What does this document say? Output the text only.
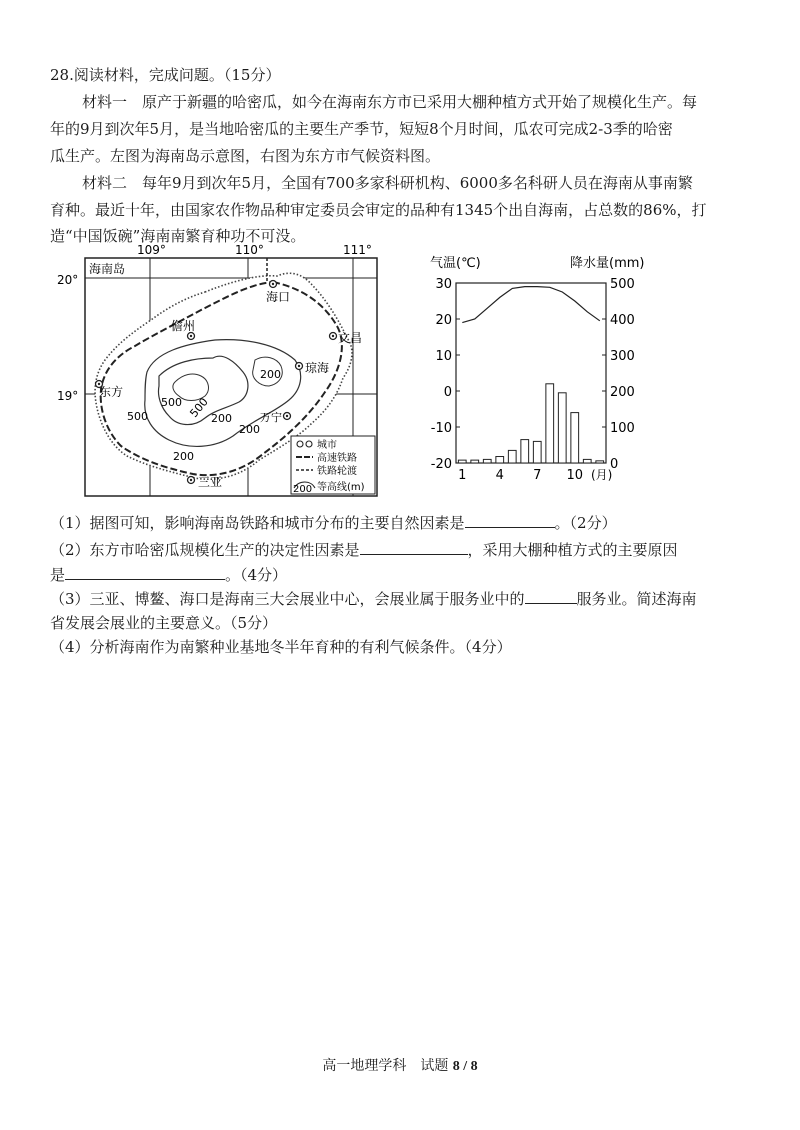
28.阅读材料，完成问题。（15分）
材料一　原产于新疆的哈密瓜，如今在海南东方市已采用大棚种植方式开始了规模化生产。每
年的9月到次年5月，是当地哈密瓜的主要生产季节，短短8个月时间，瓜农可完成2-3季的哈密
瓜生产。左图为海南岛示意图，右图为东方市气候资料图。
材料二　每年9月到次年5月，全国有700多家科研机构、6000多名科研人员在海南从事南繁
育种。最近十年，由国家农作物品种审定委员会审定的品种有1345个出自海南，占总数的86%，打
造“中国饭碗”海南南繁育种功不可没。
109°	110°	111°
20°
19°
海南岛
海口
儋州
文昌
琼海
东方
万宁
三亚
200
200
500
500	500
200
200
城市
高速铁路
铁路轮渡
200 等高线(m)
气温(℃)	降水量(mm)
30
20
10
0
-10
-20
500
400
300
200
100
0
1 4 7 10 (月)
（1）据图可知，影响海南岛铁路和城市分布的主要自然因素是	。（2分）
（2）东方市哈密瓜规模化生产的决定性因素是	，采用大棚种植方式的主要原因
是	。（4分）
（3）三亚、博鳌、海口是海南三大会展业中心，会展业属于服务业中的	服务业。简述海南
省发展会展业的主要意义。（5分）
（4）分析海南作为南繁种业基地冬半年育种的有利气候条件。（4分）
高一地理学科　试题 8 / 8
